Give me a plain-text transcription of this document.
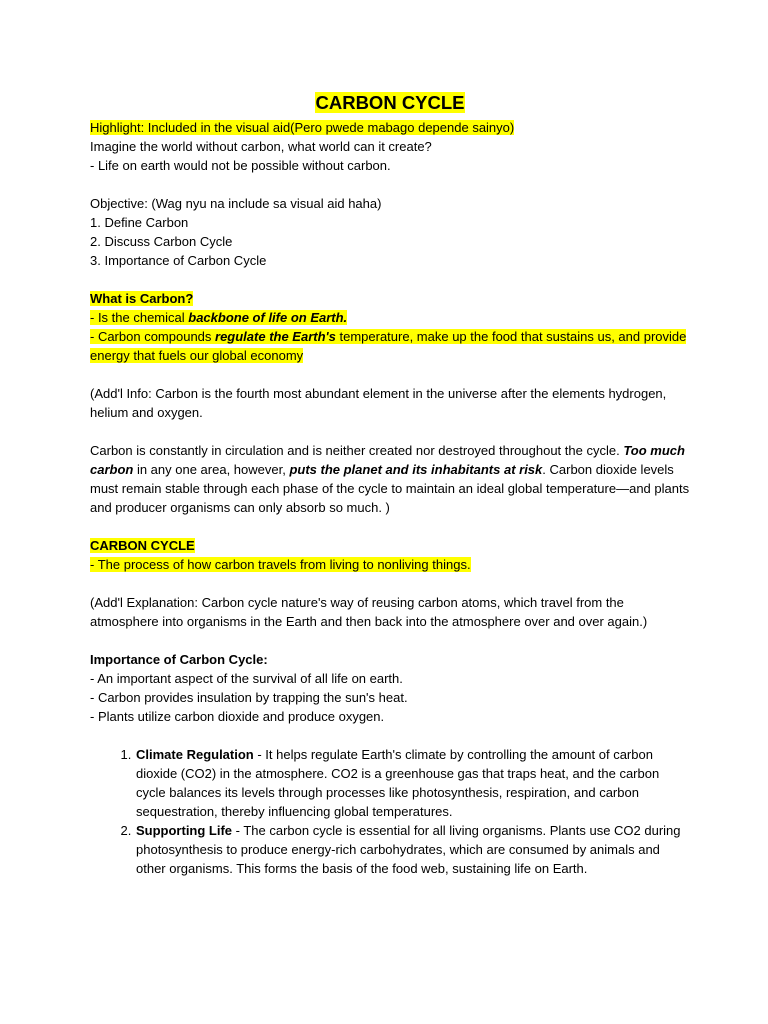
CARBON CYCLE

Highlight: Included in the visual aid(Pero pwede mabago depende sainyo)

Imagine the world without carbon, what world can it create?

- Life on earth would not be possible without carbon.

Objective: (Wag nyu na include sa visual aid haha)

1. Define Carbon

2. Discuss Carbon Cycle

3. Importance of Carbon Cycle

What is Carbon?

- Is the chemical backbone of life on Earth.

- Carbon compounds regulate the Earth's temperature, make up the food that sustains us, and provide energy that fuels our global economy

(Add'l Info: Carbon is the fourth most abundant element in the universe after the elements hydrogen, helium and oxygen.

Carbon is constantly in circulation and is neither created nor destroyed throughout the cycle. Too much carbon in any one area, however, puts the planet and its inhabitants at risk. Carbon dioxide levels must remain stable through each phase of the cycle to maintain an ideal global temperature—and plants and producer organisms can only absorb so much. )

CARBON CYCLE

- The process of how carbon travels from living to nonliving things.

(Add'l Explanation: Carbon cycle nature's way of reusing carbon atoms, which travel from the atmosphere into organisms in the Earth and then back into the atmosphere over and over again.)

Importance of Carbon Cycle:

- An important aspect of the survival of all life on earth.

- Carbon provides insulation by trapping the sun's heat.

- Plants utilize carbon dioxide and produce oxygen.

1. Climate Regulation - It helps regulate Earth's climate by controlling the amount of carbon dioxide (CO2) in the atmosphere. CO2 is a greenhouse gas that traps heat, and the carbon cycle balances its levels through processes like photosynthesis, respiration, and carbon sequestration, thereby influencing global temperatures.
2. Supporting Life - The carbon cycle is essential for all living organisms. Plants use CO2 during photosynthesis to produce energy-rich carbohydrates, which are consumed by animals and other organisms. This forms the basis of the food web, sustaining life on Earth.
